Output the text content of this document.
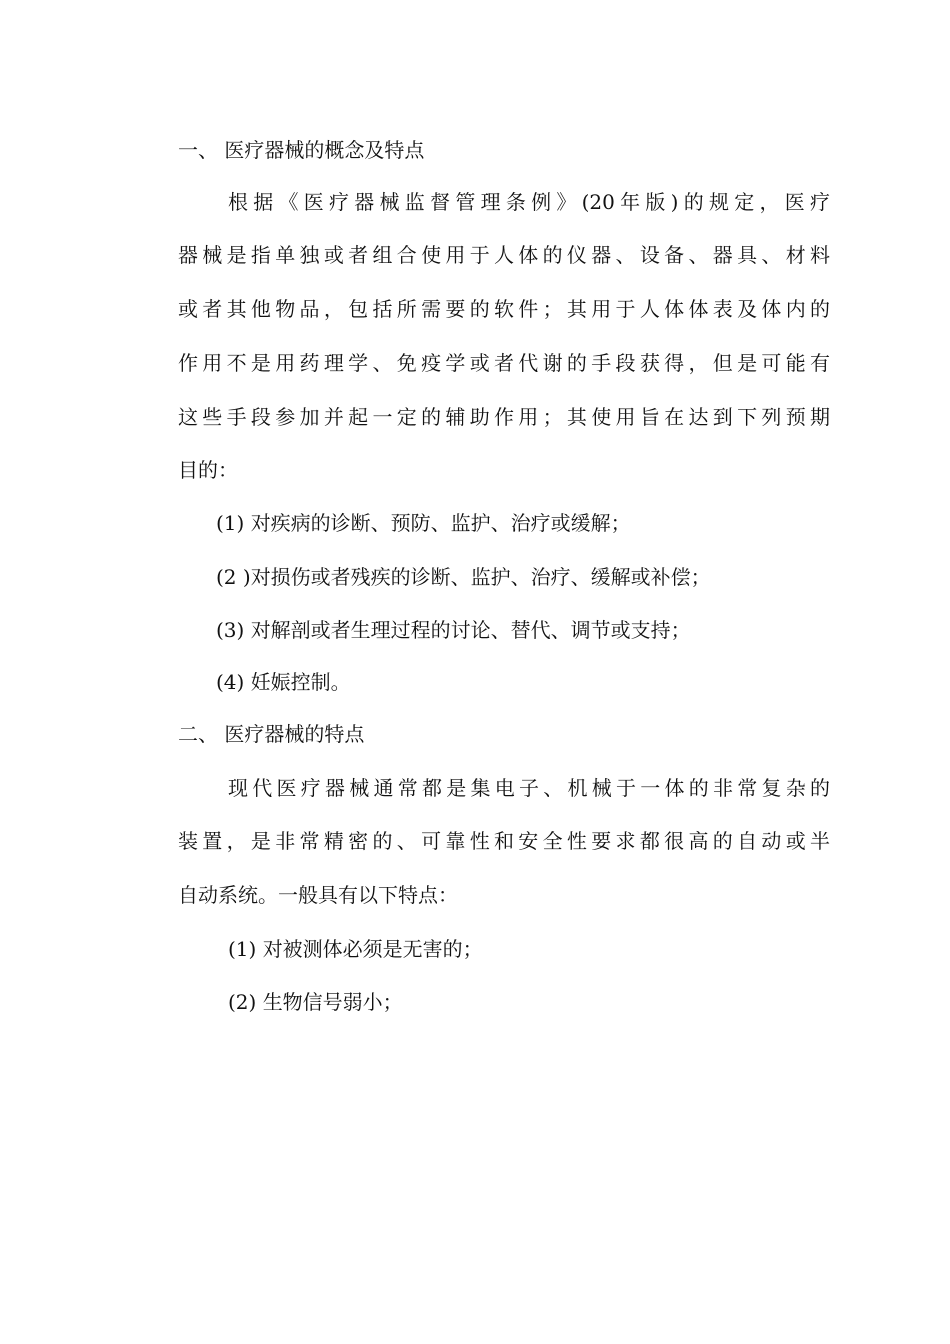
一、 医疗器械的概念及特点

根据《医疗器械监督管理条例》(20年版)的规定，医疗

器械是指单独或者组合使用于人体的仪器、设备、器具、材料

或者其他物品，包括所需要的软件；其用于人体体表及体内的

作用不是用药理学、免疫学或者代谢的手段获得，但是可能有

这些手段参加并起一定的辅助作用；其使用旨在达到下列预期

目的：

(1) 对疾病的诊断、预防、监护、治疗或缓解；

(2 )对损伤或者残疾的诊断、监护、治疗、缓解或补偿；

(3) 对解剖或者生理过程的讨论、替代、调节或支持；

(4) 妊娠控制。

二、 医疗器械的特点

现代医疗器械通常都是集电子、机械于一体的非常复杂的

装置，是非常精密的、可靠性和安全性要求都很高的自动或半

自动系统。一般具有以下特点：

(1) 对被测体必须是无害的；

(2) 生物信号弱小；
